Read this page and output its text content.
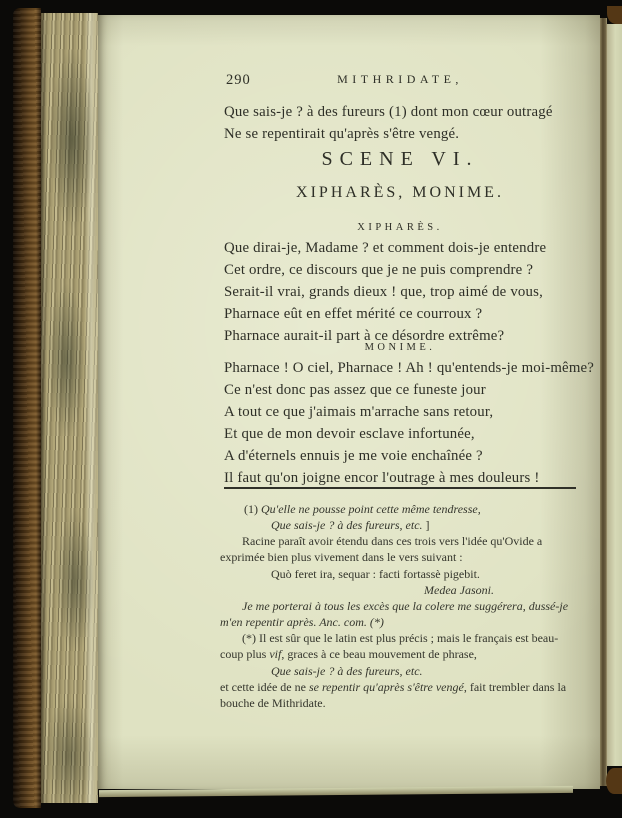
290	MITHRIDATE,
Que sais-je ? à des fureurs (1) dont mon cœur outragé
Ne se repentirait qu'après s'être vengé.
SCENE VI.
XIPHARÈS, MONIME.
XIPHARÈS.
Que dirai-je, Madame ? et comment dois-je entendre
Cet ordre, ce discours que je ne puis comprendre ?
Serait-il vrai, grands dieux ! que, trop aimé de vous,
Pharnace eût en effet mérité ce courroux ?
Pharnace aurait-il part à ce désordre extrême?
MONIME.
Pharnace ! O ciel, Pharnace ! Ah ! qu'entends-je moi-même?
Ce n'est donc pas assez que ce funeste jour
A tout ce que j'aimais m'arrache sans retour,
Et que de mon devoir esclave infortunée,
A d'éternels ennuis je me voie enchaînée ?
Il faut qu'on joigne encor l'outrage à mes douleurs !
(1) Qu'elle ne pousse point cette même tendresse,
Que sais-je ? à des fureurs, etc. ]
Racine paraît avoir étendu dans ces trois vers l'idée qu'Ovide a
exprimée bien plus vivement dans le vers suivant :
Quò feret ira, sequar : facti fortassè pigebit.
Medea Jasoni.
Je me porterai à tous les excès que la colere me suggérera, dussé-je
m'en repentir après. Anc. com. (*)
(*) Il est sûr que le latin est plus précis ; mais le français est beau-
coup plus vif, graces à ce beau mouvement de phrase,
Que sais-je ? à des fureurs, etc.
et cette idée de ne se repentir qu'après s'être vengé, fait trembler dans la
bouche de Mithridate.
